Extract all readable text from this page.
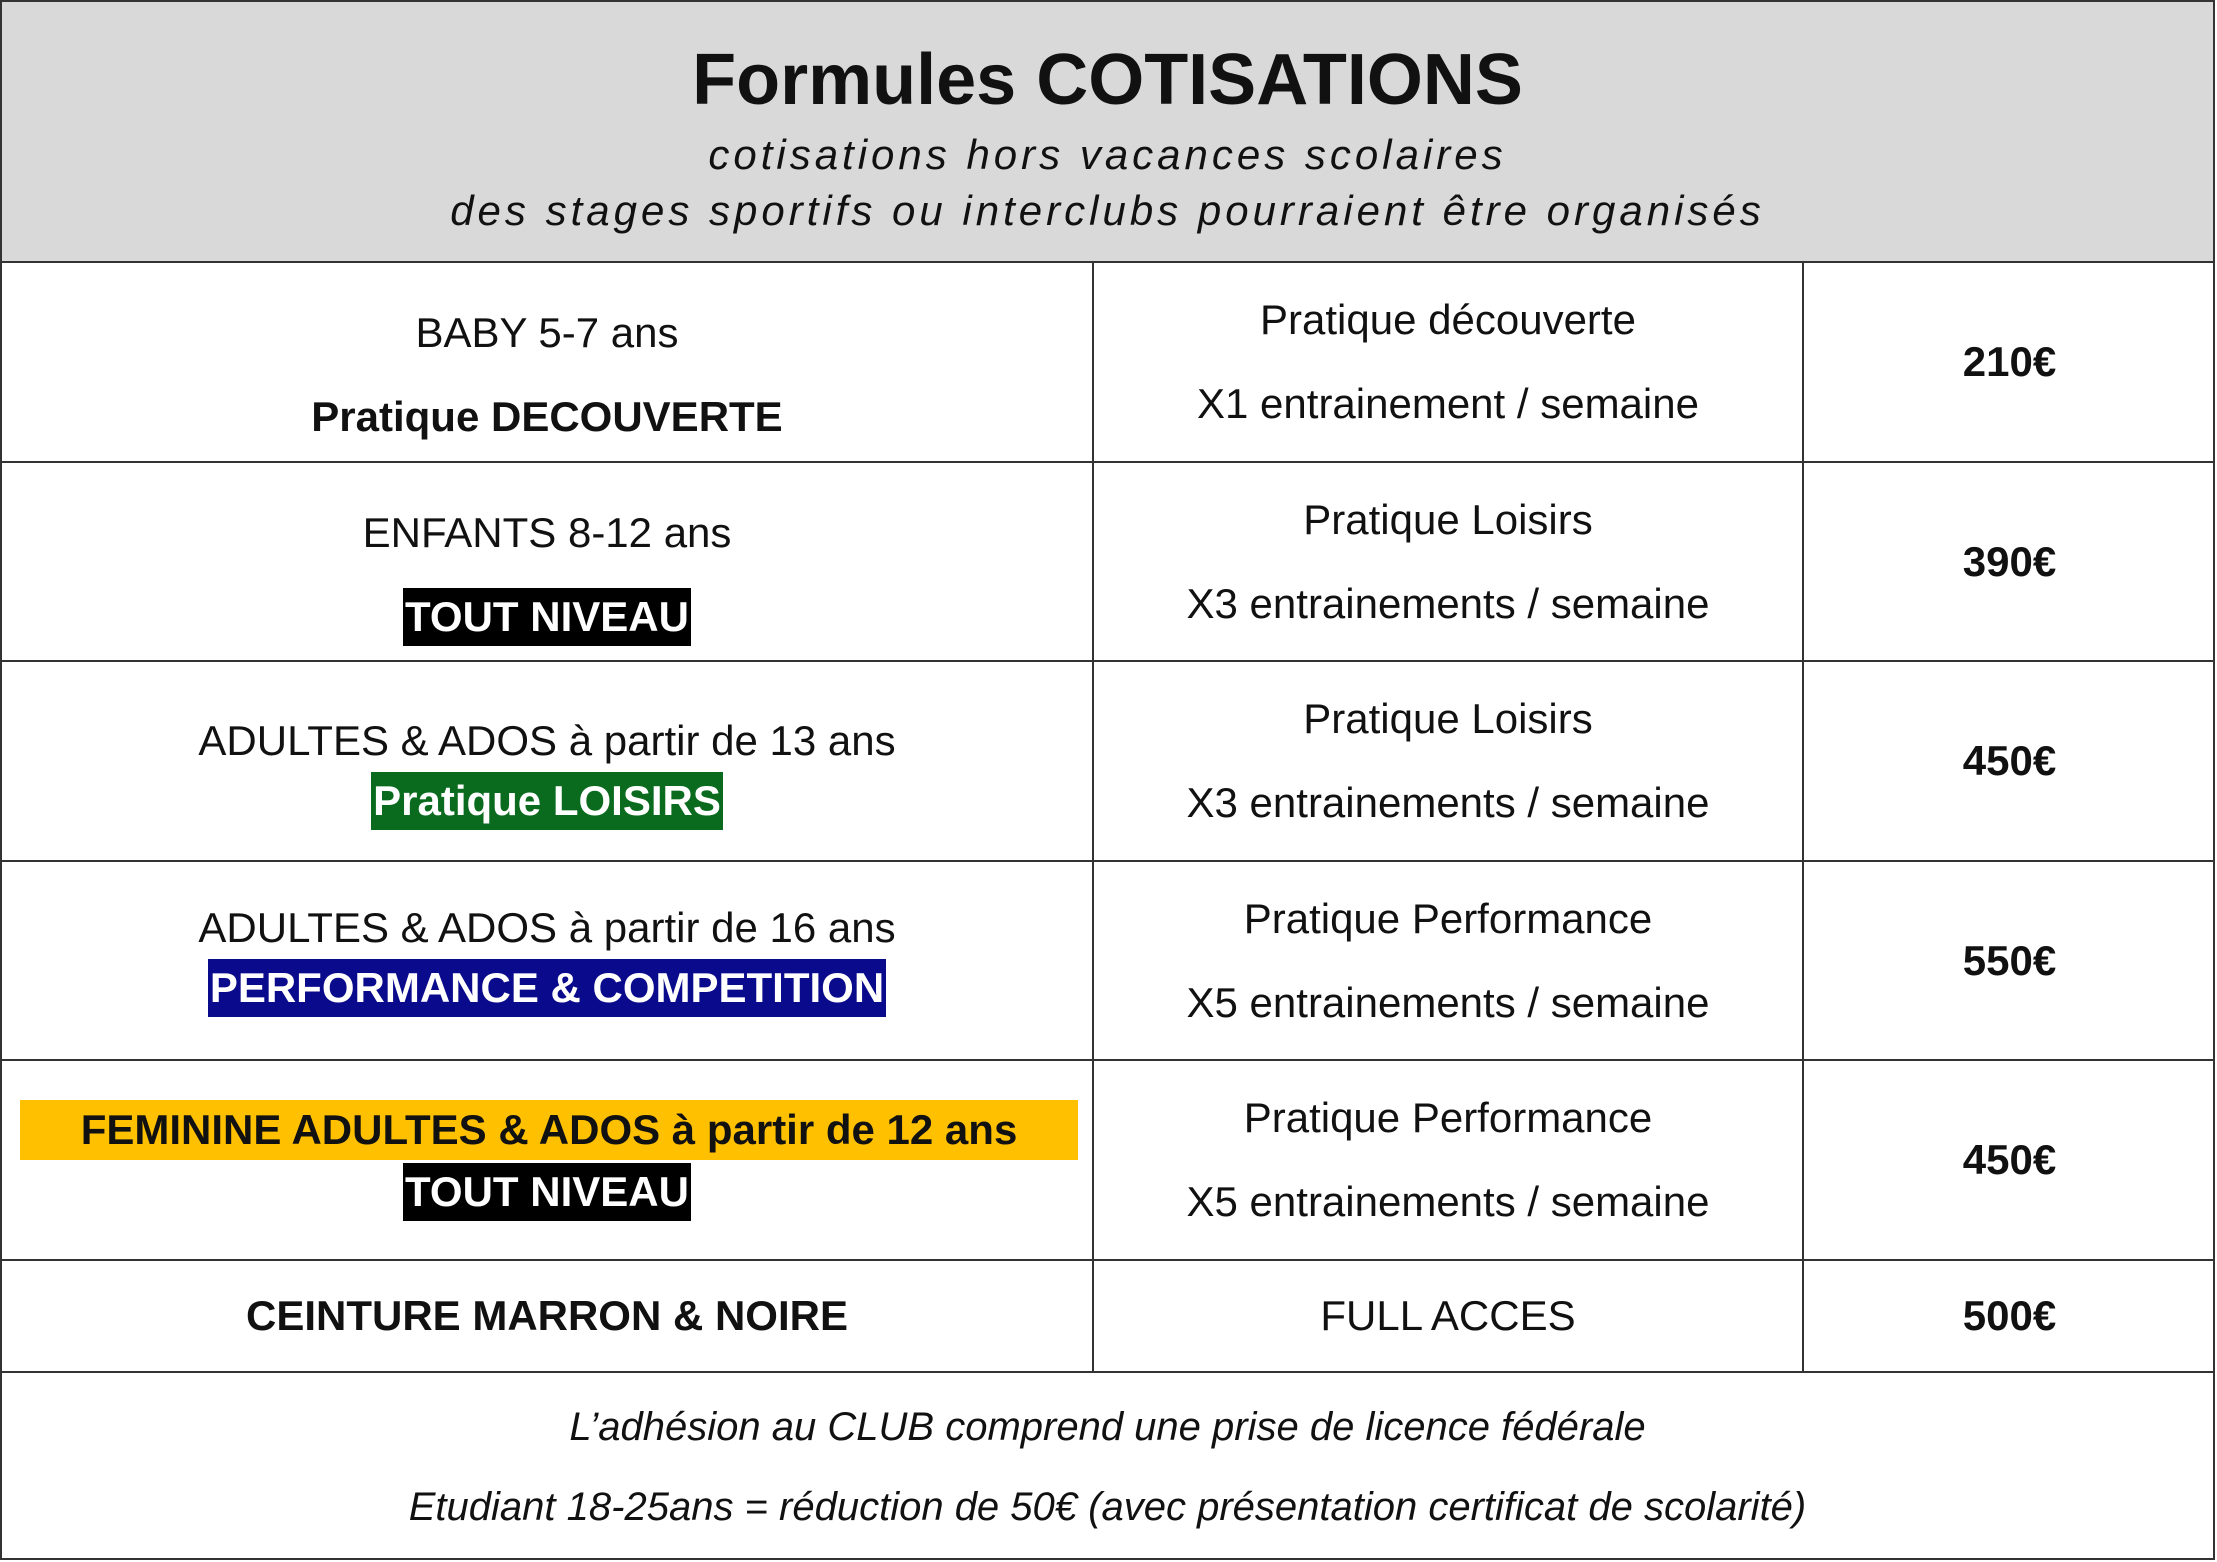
Formules COTISATIONS
cotisations hors vacances scolaires
des stages sportifs ou interclubs pourraient être organisés
BABY 5-7 ans
Pratique DECOUVERTE
Pratique découverte
X1 entrainement / semaine
210€
ENFANTS 8-12 ans
TOUT NIVEAU
Pratique Loisirs
X3 entrainements / semaine
390€
ADULTES & ADOS à partir de 13 ans
Pratique LOISIRS
Pratique Loisirs
X3 entrainements / semaine
450€
ADULTES & ADOS à partir de 16 ans
PERFORMANCE & COMPETITION
Pratique Performance
X5 entrainements / semaine
550€
FEMININE ADULTES & ADOS à partir de 12 ans
TOUT NIVEAU
Pratique Performance
X5 entrainements / semaine
450€
CEINTURE MARRON & NOIRE	FULL ACCES	500€
L’adhésion au CLUB comprend une prise de licence fédérale
Etudiant 18-25ans = réduction de 50€ (avec présentation certificat de scolarité)
